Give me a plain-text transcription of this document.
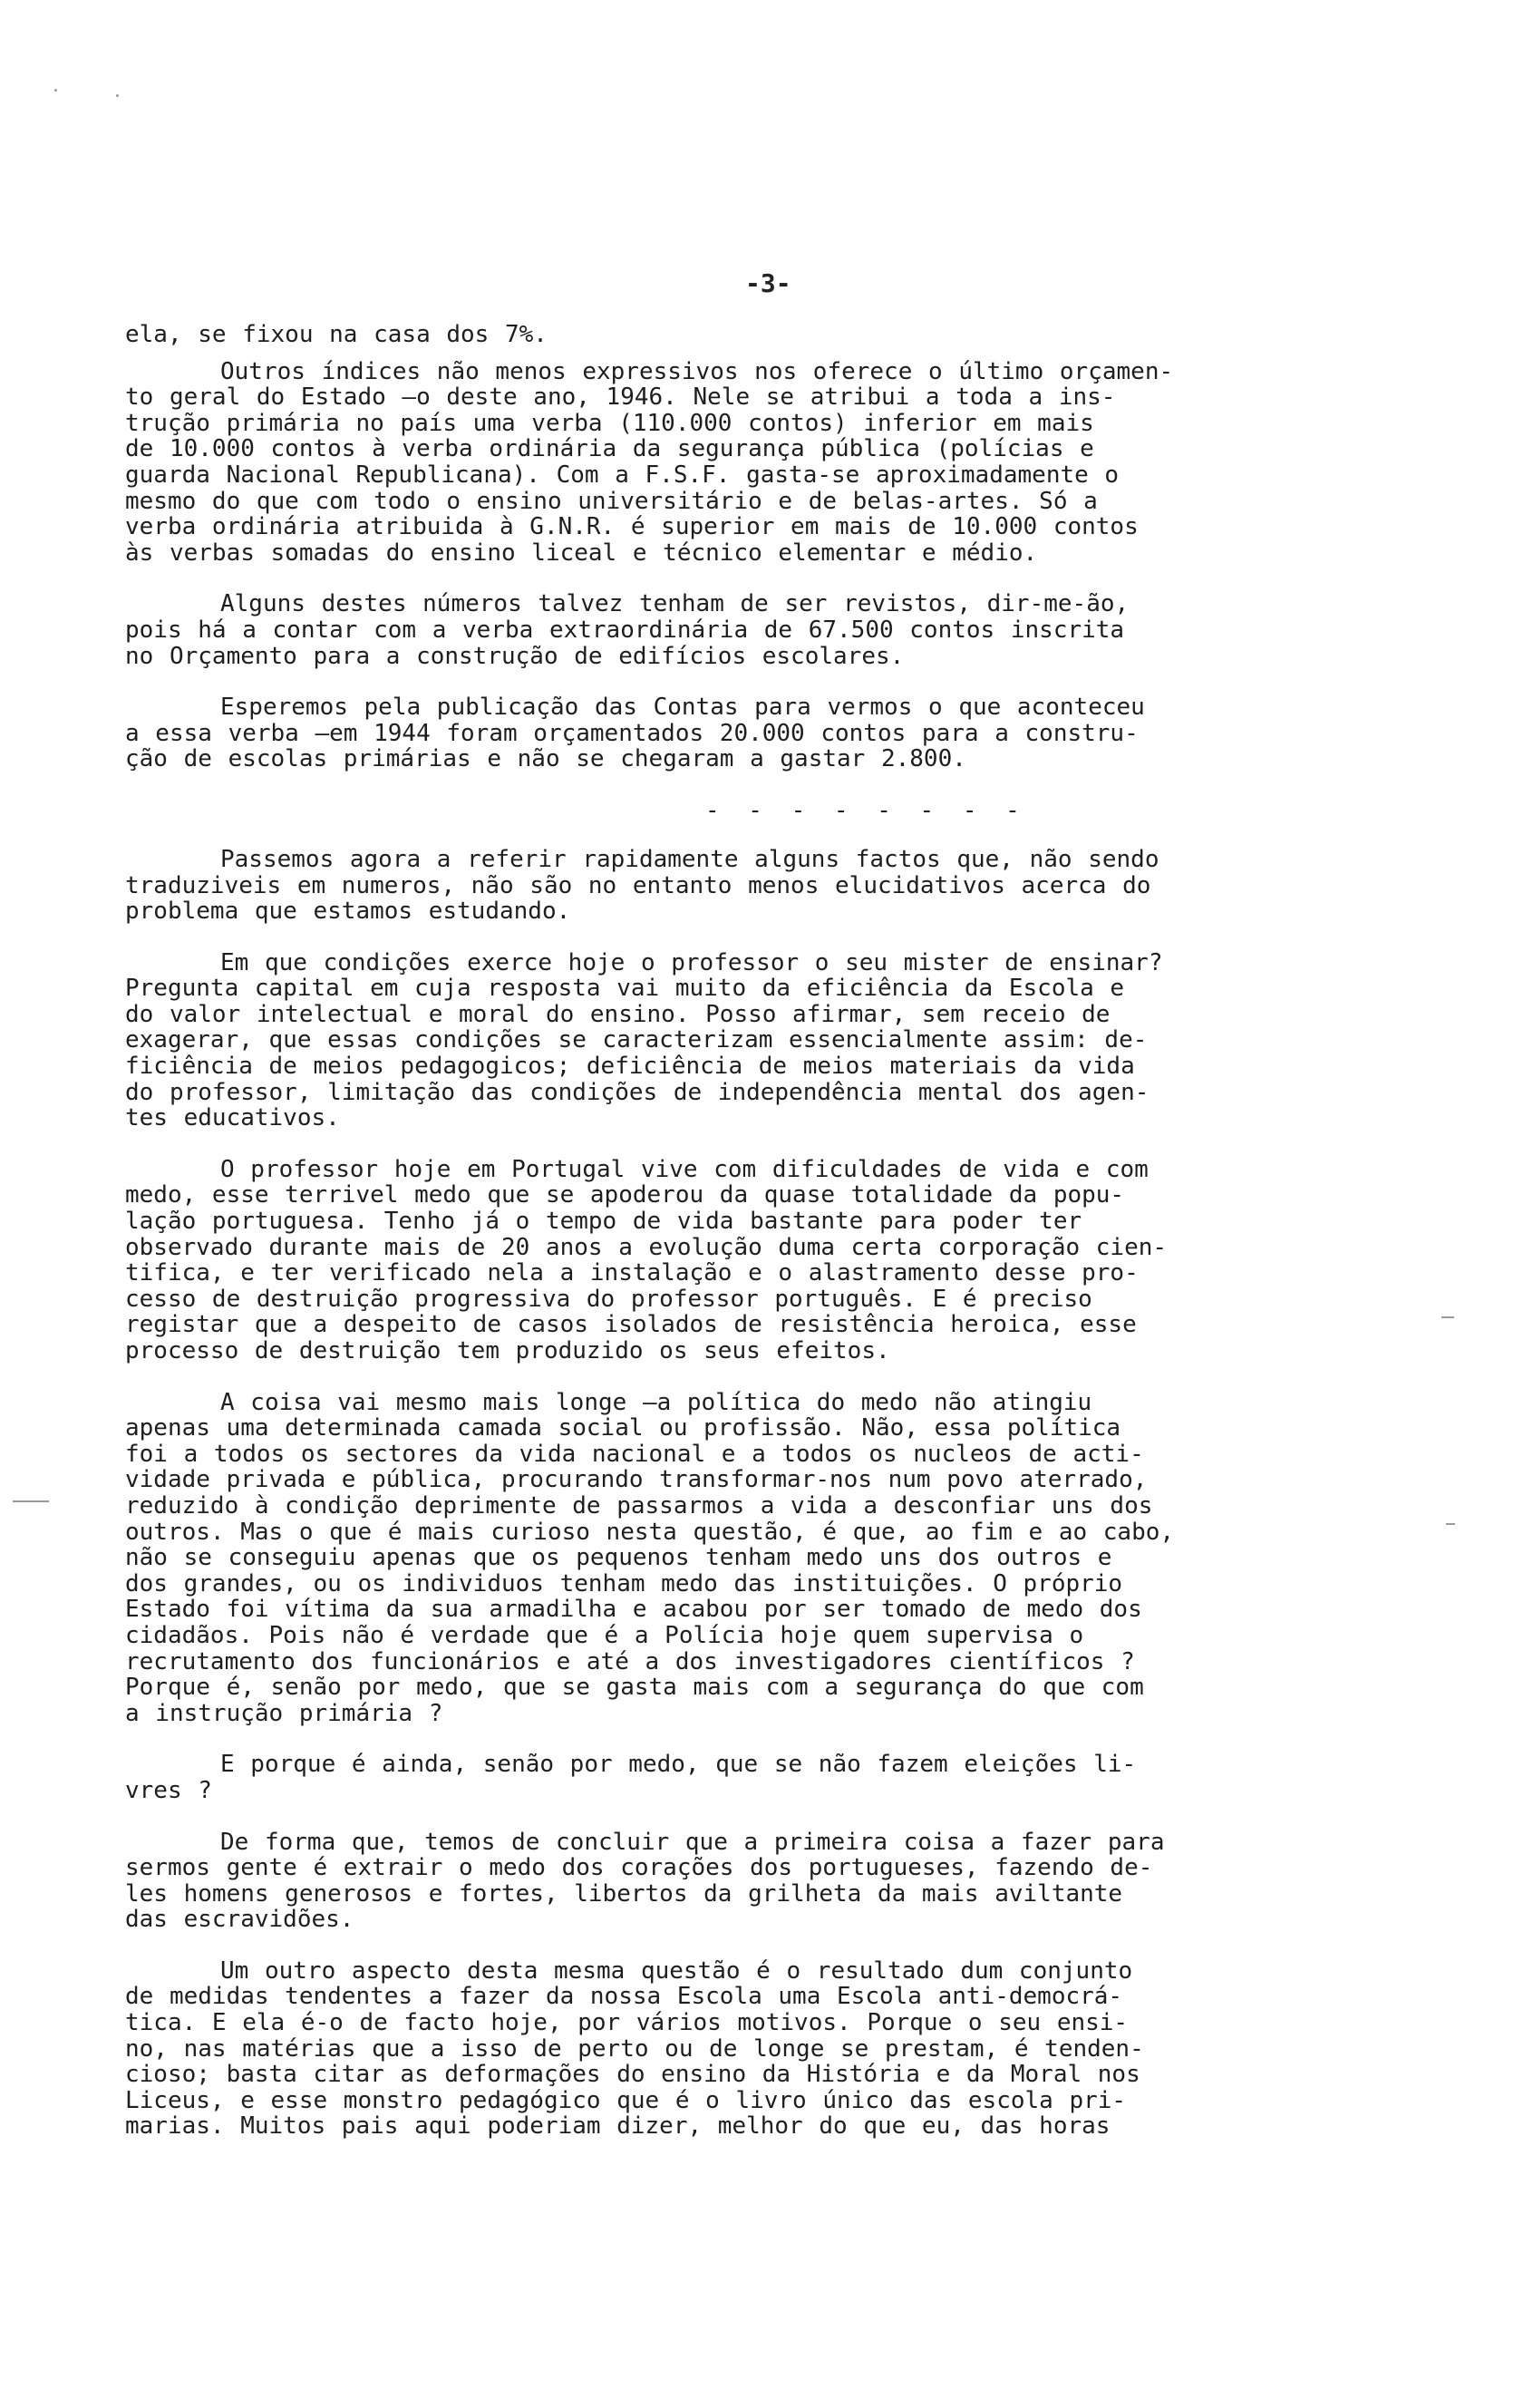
-3-

ela, se fixou na casa dos 7%.

Outros índices não menos expressivos nos oferece o último orçamen-
to geral do Estado —o deste ano, 1946. Nele se atribui a toda a ins-
trução primária no país uma verba (110.000 contos) inferior em mais
de 10.000 contos à verba ordinária da segurança pública (polícias e
guarda Nacional Republicana). Com a F.S.F. gasta-se aproximadamente o
mesmo do que com todo o ensino universitário e de belas-artes. Só a
verba ordinária atribuida à G.N.R. é superior em mais de 10.000 contos
às verbas somadas do ensino liceal e técnico elementar e médio.

Alguns destes números talvez tenham de ser revistos, dir-me-ão,
pois há a contar com a verba extraordinária de 67.500 contos inscrita
no Orçamento para a construção de edifícios escolares.

Esperemos pela publicação das Contas para vermos o que aconteceu
a essa verba —em 1944 foram orçamentados 20.000 contos para a constru-
ção de escolas primárias e não se chegaram a gastar 2.800.

- - - - - - - -

Passemos agora a referir rapidamente alguns factos que, não sendo
traduziveis em numeros, não são no entanto menos elucidativos acerca do
problema que estamos estudando.

Em que condições exerce hoje o professor o seu mister de ensinar?
Pregunta capital em cuja resposta vai muito da eficiência da Escola e
do valor intelectual e moral do ensino. Posso afirmar, sem receio de
exagerar, que essas condições se caracterizam essencialmente assim: de-
ficiência de meios pedagogicos; deficiência de meios materiais da vida
do professor, limitação das condições de independência mental dos agen-
tes educativos.

O professor hoje em Portugal vive com dificuldades de vida e com
medo, esse terrivel medo que se apoderou da quase totalidade da popu-
lação portuguesa. Tenho já o tempo de vida bastante para poder ter
observado durante mais de 20 anos a evolução duma certa corporação cien-
tifica, e ter verificado nela a instalação e o alastramento desse pro-
cesso de destruição progressiva do professor português. E é preciso
registar que a despeito de casos isolados de resistência heroica, esse
processo de destruição tem produzido os seus efeitos.

A coisa vai mesmo mais longe —a política do medo não atingiu
apenas uma determinada camada social ou profissão. Não, essa política
foi a todos os sectores da vida nacional e a todos os nucleos de acti-
vidade privada e pública, procurando transformar-nos num povo aterrado,
reduzido à condição deprimente de passarmos a vida a desconfiar uns dos
outros. Mas o que é mais curioso nesta questão, é que, ao fim e ao cabo,
não se conseguiu apenas que os pequenos tenham medo uns dos outros e
dos grandes, ou os individuos tenham medo das instituições. O próprio
Estado foi vítima da sua armadilha e acabou por ser tomado de medo dos
cidadãos. Pois não é verdade que é a Polícia hoje quem supervisa o
recrutamento dos funcionários e até a dos investigadores científicos ?
Porque é, senão por medo, que se gasta mais com a segurança do que com
a instrução primária ?

E porque é ainda, senão por medo, que se não fazem eleições li-
vres ?

De forma que, temos de concluir que a primeira coisa a fazer para
sermos gente é extrair o medo dos corações dos portugueses, fazendo de-
les homens generosos e fortes, libertos da grilheta da mais aviltante
das escravidões.

Um outro aspecto desta mesma questão é o resultado dum conjunto
de medidas tendentes a fazer da nossa Escola uma Escola anti-democrá-
tica. E ela é-o de facto hoje, por vários motivos. Porque o seu ensi-
no, nas matérias que a isso de perto ou de longe se prestam, é tenden-
cioso; basta citar as deformações do ensino da História e da Moral nos
Liceus, e esse monstro pedagógico que é o livro único das escola pri-
marias. Muitos pais aqui poderiam dizer, melhor do que eu, das horas
